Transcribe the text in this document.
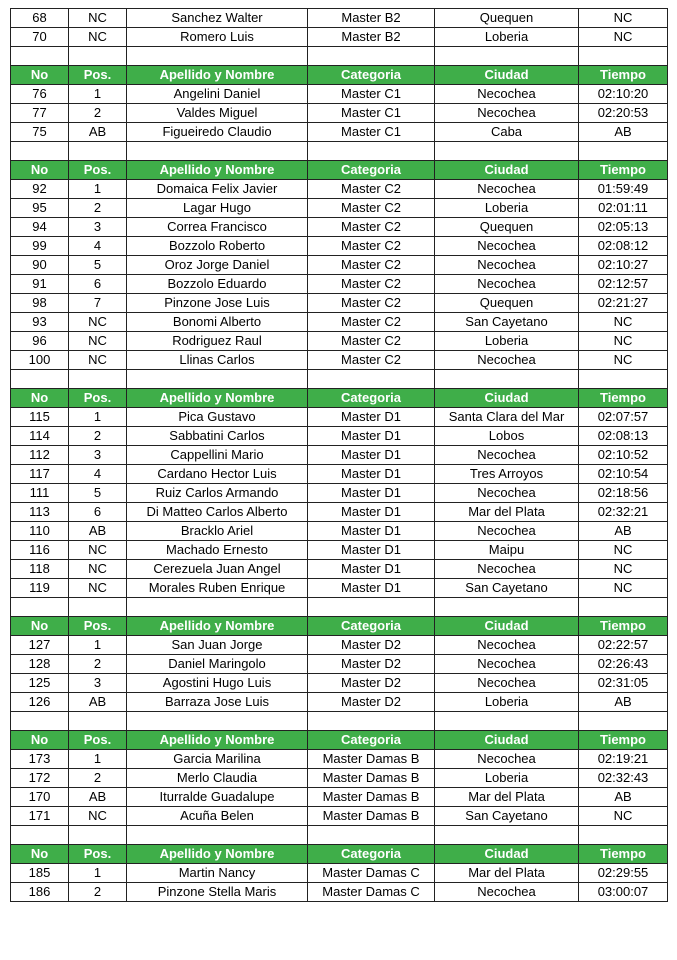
68	NC	Sanchez Walter	Master B2	Quequen	NC
70	NC	Romero Luis	Master B2	Loberia	NC

No	Pos.	Apellido y Nombre	Categoria	Ciudad	Tiempo
76	1	Angelini Daniel	Master C1	Necochea	02:10:20
77	2	Valdes Miguel	Master C1	Necochea	02:20:53
75	AB	Figueiredo Claudio	Master C1	Caba	AB

No	Pos.	Apellido y Nombre	Categoria	Ciudad	Tiempo
92	1	Domaica Felix Javier	Master C2	Necochea	01:59:49
95	2	Lagar Hugo	Master C2	Loberia	02:01:11
94	3	Correa Francisco	Master C2	Quequen	02:05:13
99	4	Bozzolo Roberto	Master C2	Necochea	02:08:12
90	5	Oroz Jorge Daniel	Master C2	Necochea	02:10:27
91	6	Bozzolo Eduardo	Master C2	Necochea	02:12:57
98	7	Pinzone Jose Luis	Master C2	Quequen	02:21:27
93	NC	Bonomi Alberto	Master C2	San Cayetano	NC
96	NC	Rodriguez Raul	Master C2	Loberia	NC
100	NC	Llinas Carlos	Master C2	Necochea	NC

No	Pos.	Apellido y Nombre	Categoria	Ciudad	Tiempo
115	1	Pica Gustavo	Master D1	Santa Clara del Mar	02:07:57
114	2	Sabbatini Carlos	Master D1	Lobos	02:08:13
112	3	Cappellini Mario	Master D1	Necochea	02:10:52
117	4	Cardano Hector Luis	Master D1	Tres Arroyos	02:10:54
111	5	Ruiz Carlos Armando	Master D1	Necochea	02:18:56
113	6	Di Matteo Carlos Alberto	Master D1	Mar del Plata	02:32:21
110	AB	Bracklo Ariel	Master D1	Necochea	AB
116	NC	Machado Ernesto	Master D1	Maipu	NC
118	NC	Cerezuela Juan Angel	Master D1	Necochea	NC
119	NC	Morales Ruben Enrique	Master D1	San Cayetano	NC

No	Pos.	Apellido y Nombre	Categoria	Ciudad	Tiempo
127	1	San Juan Jorge	Master D2	Necochea	02:22:57
128	2	Daniel Maringolo	Master D2	Necochea	02:26:43
125	3	Agostini Hugo Luis	Master D2	Necochea	02:31:05
126	AB	Barraza Jose Luis	Master D2	Loberia	AB

No	Pos.	Apellido y Nombre	Categoria	Ciudad	Tiempo
173	1	Garcia Marilina	Master Damas B	Necochea	02:19:21
172	2	Merlo Claudia	Master Damas B	Loberia	02:32:43
170	AB	Iturralde Guadalupe	Master Damas B	Mar del Plata	AB
171	NC	Acuña Belen	Master Damas B	San Cayetano	NC

No	Pos.	Apellido y Nombre	Categoria	Ciudad	Tiempo
185	1	Martin Nancy	Master Damas C	Mar del Plata	02:29:55
186	2	Pinzone Stella Maris	Master Damas C	Necochea	03:00:07
